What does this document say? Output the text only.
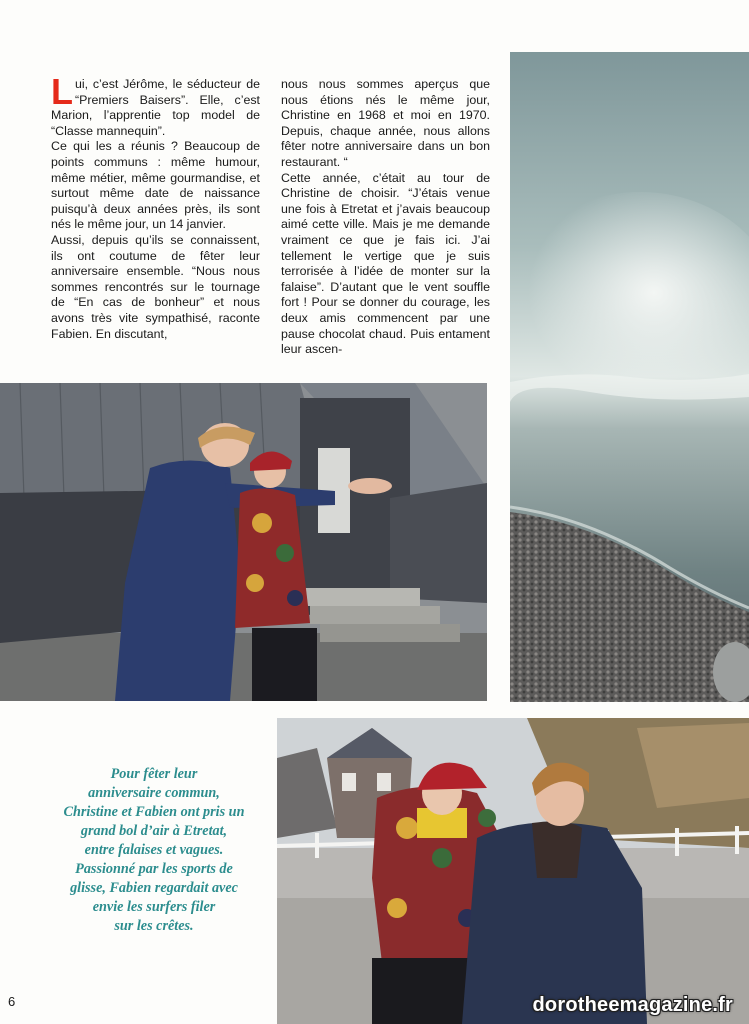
Lui, c’est Jérôme, le séducteur de “Premiers Baisers”. Elle, c’est Marion, l’apprentie top model de “Classe mannequin”.

Ce qui les a réunis ? Beaucoup de points communs : même humour, même métier, même gourmandise, et surtout même date de naissance puisqu’à deux années près, ils sont nés le même jour, un 14 janvier.

Aussi, depuis qu’ils se connaissent, ils ont coutume de fêter leur anniversaire ensemble. “Nous nous sommes rencontrés sur le tournage de “En cas de bonheur” et nous avons très vite sympathisé, raconte Fabien. En discutant,

nous nous sommes aperçus que nous étions nés le même jour, Christine en 1968 et moi en 1970. Depuis, chaque année, nous allons fêter notre anniversaire dans un bon restaurant. “

Cette année, c’était au tour de Christine de choisir. “J’étais venue une fois à Etretat et j’avais beaucoup aimé cette ville. Mais je me demande vraiment ce que je fais ici. J’ai tellement le vertige que je suis terrorisée à l’idée de monter sur la falaise”. D’autant que le vent souffle fort ! Pour se donner du courage, les deux amis commencent par une pause chocolat chaud. Puis entament leur ascen-

Pour fêter leur
anniversaire commun,
Christine et Fabien ont pris un
grand bol d’air à Etretat,
entre falaises et vagues.
Passionné par les sports de
glisse, Fabien regardait avec
envie les surfers filer
sur les crêtes.
6	dorotheemagazine.fr
